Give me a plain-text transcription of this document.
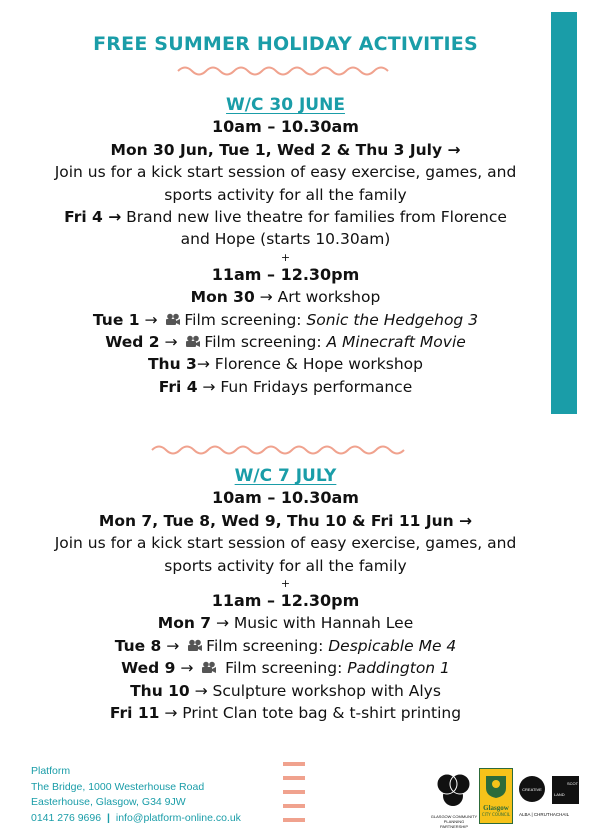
FREE SUMMER HOLIDAY ACTIVITIES
W/C 30 JUNE
10am – 10.30am
Mon 30 Jun, Tue 1, Wed 2 & Thu 3 July →
Join us for a kick start session of easy exercise, games, and
sports activity for all the family
Fri 4 → Brand new live theatre for families from Florence
and Hope (starts 10.30am)
+
11am – 12.30pm
Mon 30 → Art workshop
Tue 1 → Film screening: Sonic the Hedgehog 3
Wed 2 → Film screening: A Minecraft Movie
Thu 3→ Florence & Hope workshop
Fri 4 → Fun Fridays performance
W/C 7 JULY
10am – 10.30am
Mon 7, Tue 8, Wed 9, Thu 10 & Fri 11 Jun →
Join us for a kick start session of easy exercise, games, and
sports activity for all the family
+
11am – 12.30pm
Mon 7 → Music with Hannah Lee
Tue 8 → Film screening: Despicable Me 4
Wed 9 →  Film screening: Paddington 1
Thu 10 → Sculpture workshop with Alys
Fri 11 → Print Clan tote bag & t-shirt printing
Platform
The Bridge, 1000 Westerhouse Road
Easterhouse, Glasgow, G34 9JW
0141 276 9696 | info@platform-online.co.uk	GLASGOW COMMUNITY PLANNING PARTNERSHIP
Glasgow
CITY COUNCIL
CREATIVE
SCOT
LAND
ALBA | CHRUTHACHAIL
